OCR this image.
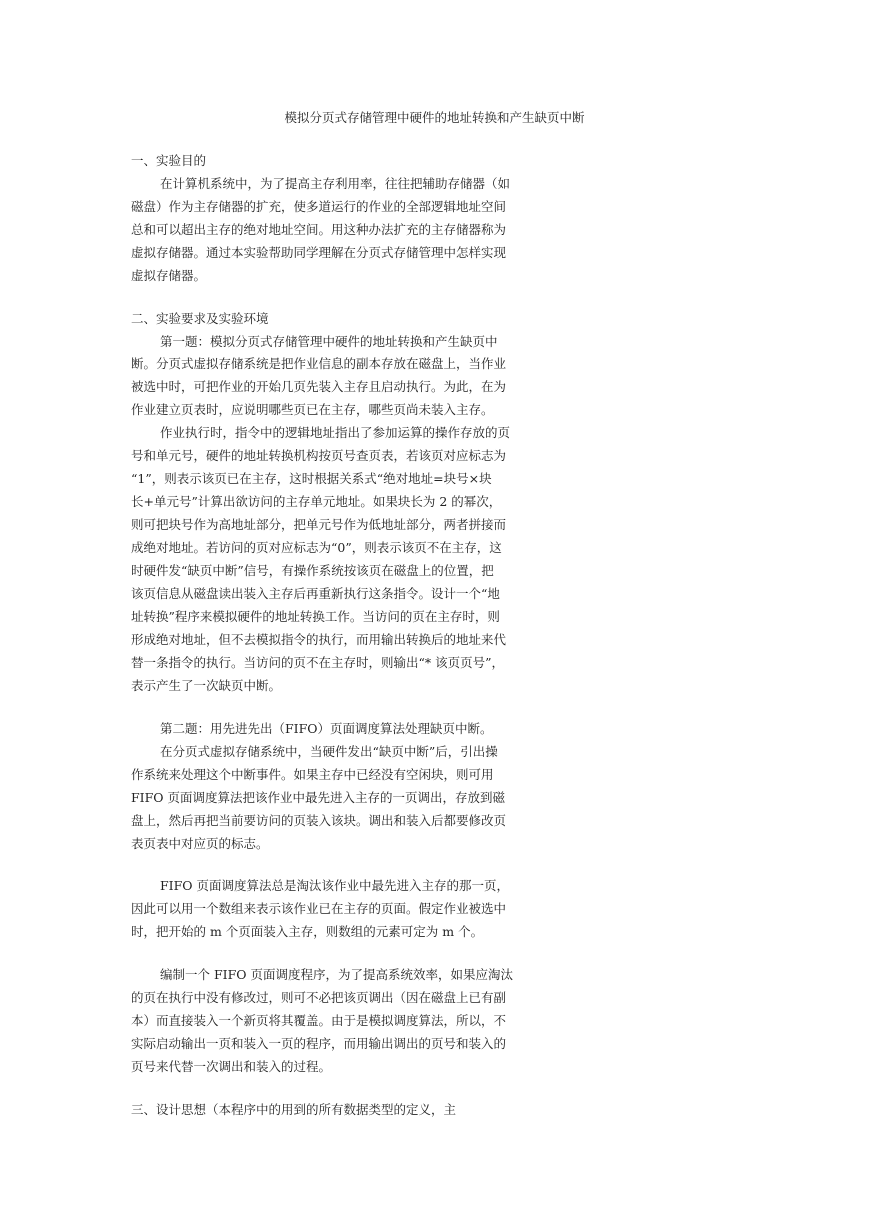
模拟分页式存储管理中硬件的地址转换和产生缺页中断
一、实验目的
在计算机系统中，为了提高主存利用率，往往把辅助存储器（如
磁盘）作为主存储器的扩充，使多道运行的作业的全部逻辑地址空间
总和可以超出主存的绝对地址空间。用这种办法扩充的主存储器称为
虚拟存储器。通过本实验帮助同学理解在分页式存储管理中怎样实现
虚拟存储器。
二、实验要求及实验环境
第一题：模拟分页式存储管理中硬件的地址转换和产生缺页中
断。分页式虚拟存储系统是把作业信息的副本存放在磁盘上，当作业
被选中时，可把作业的开始几页先装入主存且启动执行。为此，在为
作业建立页表时，应说明哪些页已在主存，哪些页尚未装入主存。
作业执行时，指令中的逻辑地址指出了参加运算的操作存放的页
号和单元号，硬件的地址转换机构按页号查页表，若该页对应标志为
“1”，则表示该页已在主存，这时根据关系式“绝对地址=块号×块
长+单元号”计算出欲访问的主存单元地址。如果块长为 2 的幂次，
则可把块号作为高地址部分，把单元号作为低地址部分，两者拼接而
成绝对地址。若访问的页对应标志为“0”，则表示该页不在主存，这
时硬件发“缺页中断”信号，有操作系统按该页在磁盘上的位置，把
该页信息从磁盘读出装入主存后再重新执行这条指令。设计一个“地
址转换”程序来模拟硬件的地址转换工作。当访问的页在主存时，则
形成绝对地址，但不去模拟指令的执行，而用输出转换后的地址来代
替一条指令的执行。当访问的页不在主存时，则输出“* 该页页号”，
表示产生了一次缺页中断。
第二题：用先进先出（FIFO）页面调度算法处理缺页中断。
在分页式虚拟存储系统中，当硬件发出“缺页中断”后，引出操
作系统来处理这个中断事件。如果主存中已经没有空闲块，则可用
FIFO 页面调度算法把该作业中最先进入主存的一页调出，存放到磁
盘上，然后再把当前要访问的页装入该块。调出和装入后都要修改页
表页表中对应页的标志。
FIFO 页面调度算法总是淘汰该作业中最先进入主存的那一页，
因此可以用一个数组来表示该作业已在主存的页面。假定作业被选中
时，把开始的 m 个页面装入主存，则数组的元素可定为 m 个。
编制一个 FIFO 页面调度程序，为了提高系统效率，如果应淘汰
的页在执行中没有修改过，则可不必把该页调出（因在磁盘上已有副
本）而直接装入一个新页将其覆盖。由于是模拟调度算法，所以，不
实际启动输出一页和装入一页的程序，而用输出调出的页号和装入的
页号来代替一次调出和装入的过程。
三、设计思想（本程序中的用到的所有数据类型的定义，主
